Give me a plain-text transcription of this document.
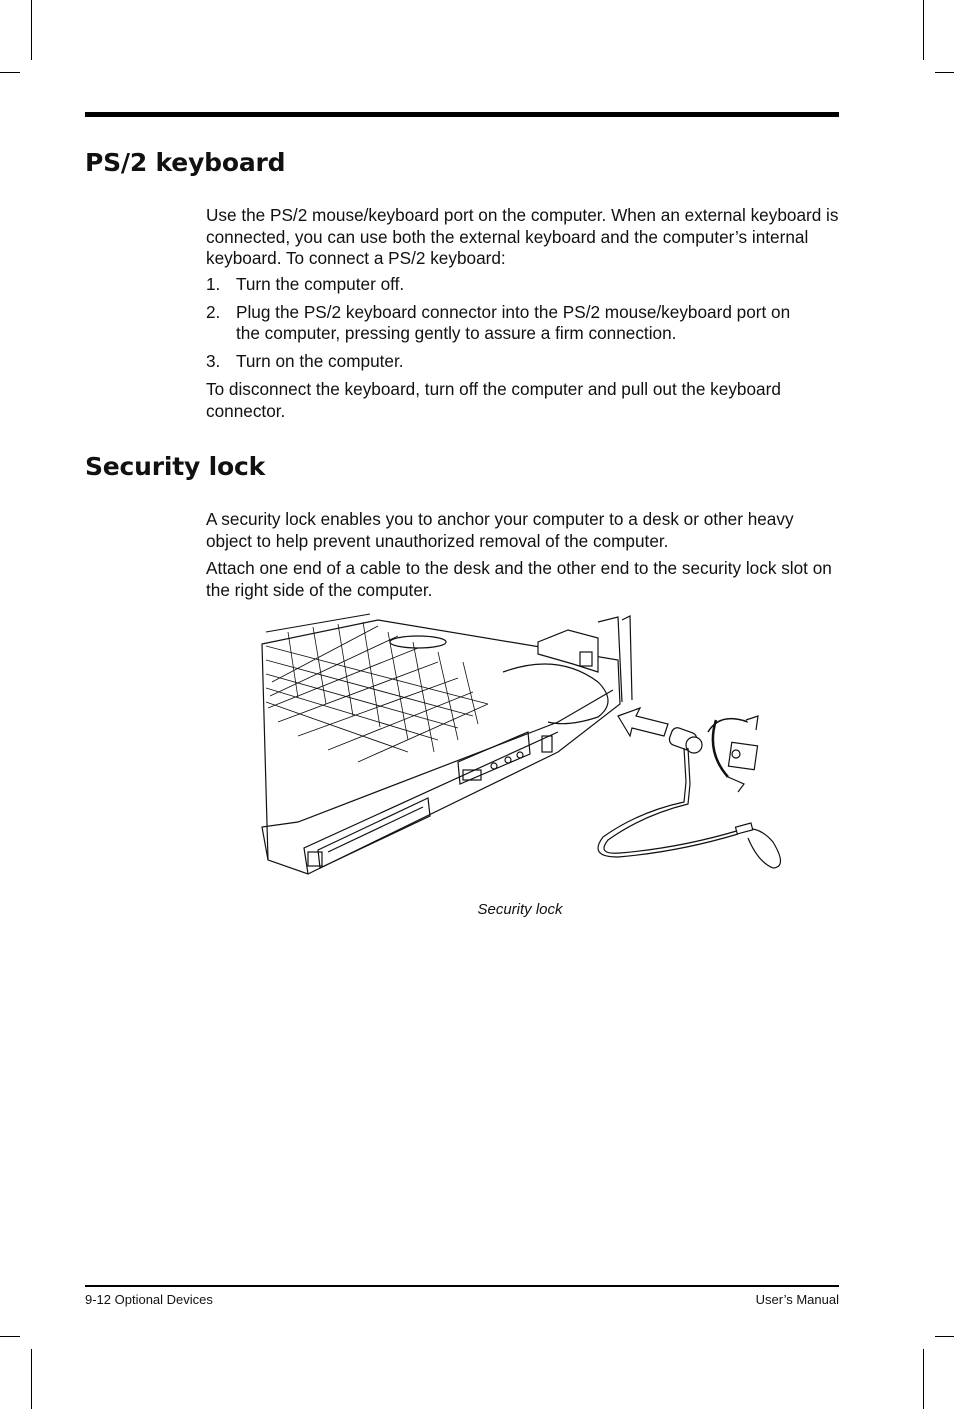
PS/2 keyboard

Use the PS/2 mouse/keyboard port on the computer. When an external keyboard is connected, you can use both the external keyboard and the computer’s internal keyboard. To connect a PS/2 keyboard:

1. Turn the computer off.
2. Plug the PS/2 keyboard connector into the PS/2 mouse/keyboard port on the computer, pressing gently to assure a firm connection.
3. Turn on the computer.

To disconnect the keyboard, turn off the computer and pull out the keyboard connector.

Security lock

A security lock enables you to anchor your computer to a desk or other heavy object to help prevent unauthorized removal of the computer.

Attach one end of a cable to the desk and the other end to the security lock slot on the right side of the computer.

Security lock
9-12 Optional Devices	User’s Manual
